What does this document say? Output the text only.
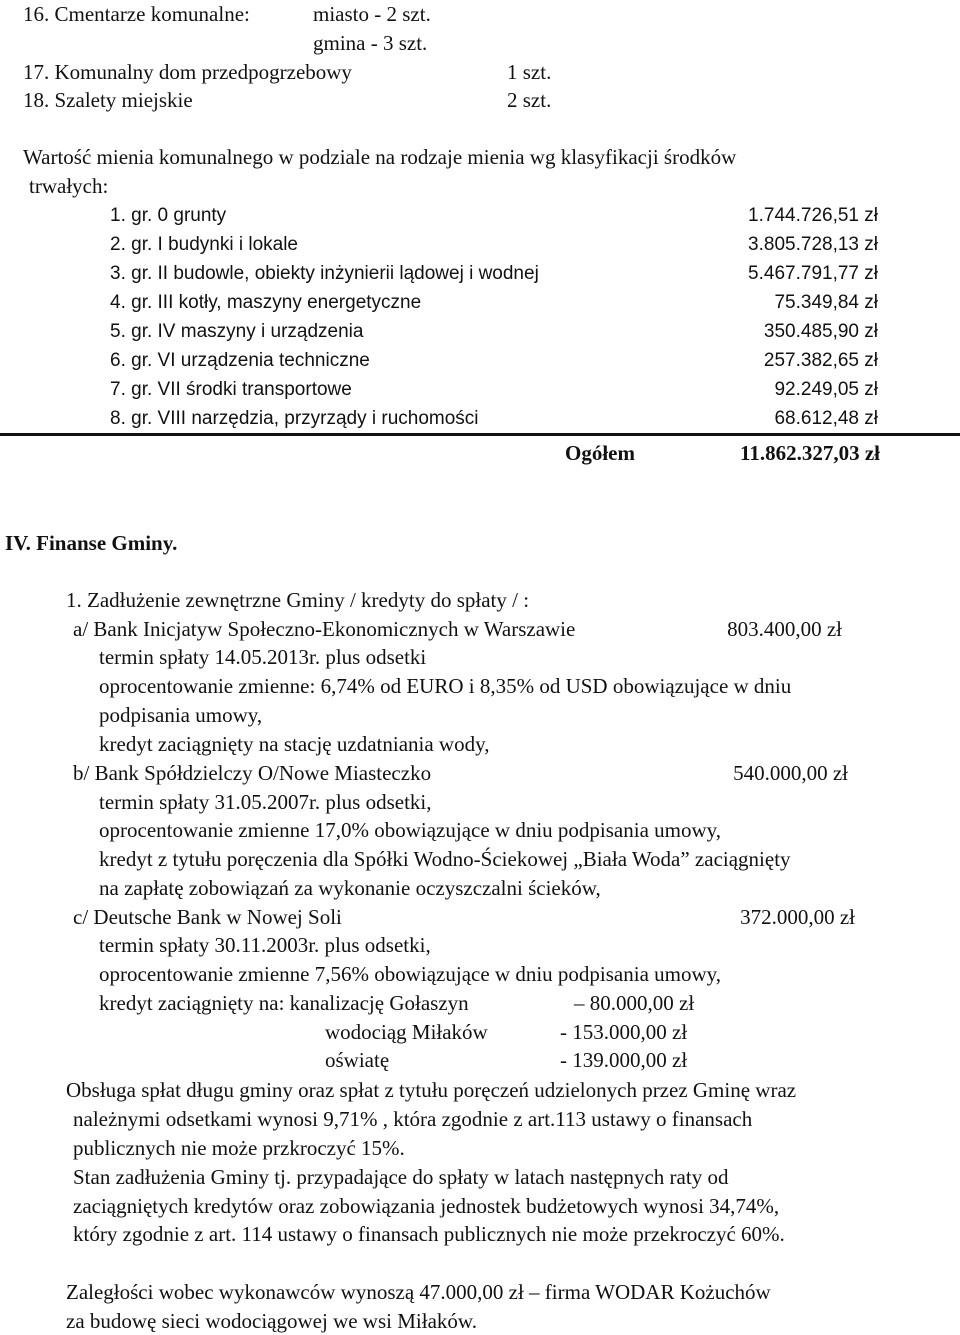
16. Cmentarze komunalne:	miasto - 2 szt.
gmina - 3 szt.
17. Komunalny dom przedpogrzebowy	1 szt.
18. Szalety miejskie	2 szt.
Wartość mienia komunalnego w podziale na rodzaje mienia wg klasyfikacji środków
trwałych:
1. gr. 0 grunty	1.744.726,51 zł
2. gr. I budynki i lokale	3.805.728,13 zł
3. gr. II budowle, obiekty inżynierii lądowej i wodnej	5.467.791,77 zł
4. gr. III kotły, maszyny energetyczne	75.349,84 zł
5. gr. IV maszyny i urządzenia	350.485,90 zł
6. gr. VI urządzenia techniczne	257.382,65 zł
7. gr. VII środki transportowe	92.249,05 zł
8. gr. VIII narzędzia, przyrządy i ruchomości	68.612,48 zł
Ogółem	11.862.327,03 zł
IV. Finanse Gminy.
1. Zadłużenie zewnętrzne Gminy / kredyty do spłaty / :
a/ Bank Inicjatyw Społeczno-Ekonomicznych w Warszawie	803.400,00 zł
termin spłaty 14.05.2013r. plus odsetki
oprocentowanie zmienne: 6,74% od EURO i 8,35% od USD obowiązujące w dniu
podpisania umowy,
kredyt zaciągnięty na stację uzdatniania wody,
b/ Bank Spółdzielczy O/Nowe Miasteczko	540.000,00 zł
termin spłaty 31.05.2007r. plus odsetki,
oprocentowanie zmienne 17,0% obowiązujące w dniu podpisania umowy,
kredyt z tytułu poręczenia dla Spółki Wodno-Ściekowej „Biała Woda” zaciągnięty
na zapłatę zobowiązań za wykonanie oczyszczalni ścieków,
c/ Deutsche Bank w Nowej Soli	372.000,00 zł
termin spłaty 30.11.2003r. plus odsetki,
oprocentowanie zmienne 7,56% obowiązujące w dniu podpisania umowy,
kredyt zaciągnięty na: kanalizację Gołaszyn	– 80.000,00 zł
wodociąg Miłaków	- 153.000,00 zł
oświatę	- 139.000,00 zł
Obsługa spłat długu gminy oraz spłat z tytułu poręczeń udzielonych przez Gminę wraz
należnymi odsetkami wynosi 9,71% , która zgodnie z art.113 ustawy o finansach
publicznych nie może przkroczyć 15%.
Stan zadłużenia Gminy tj. przypadające do spłaty w latach następnych raty od
zaciągniętych kredytów oraz zobowiązania jednostek budżetowych wynosi 34,74%,
który zgodnie z art. 114 ustawy o finansach publicznych nie może przekroczyć 60%.
Zaległości wobec wykonawców wynoszą 47.000,00 zł – firma WODAR Kożuchów
za budowę sieci wodociągowej we wsi Miłaków.
